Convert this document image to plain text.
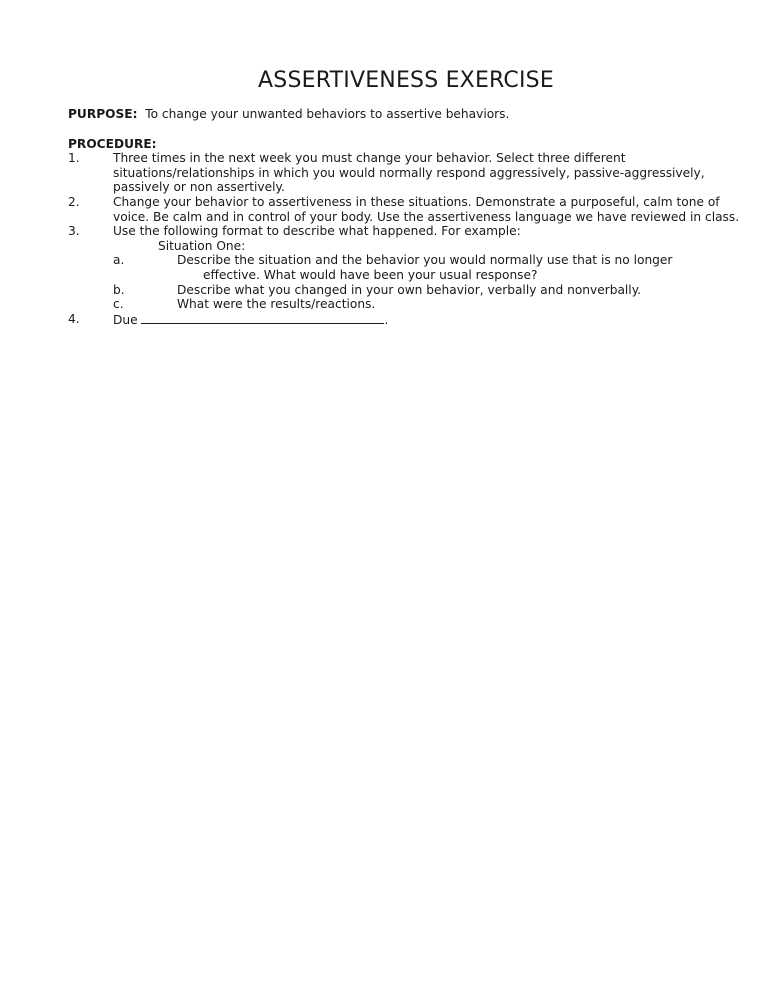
ASSERTIVENESS EXERCISE

PURPOSE: To change your unwanted behaviors to assertive behaviors.

PROCEDURE:

1.	Three times in the next week you must change your behavior. Select three different situations/relationships in which you would normally respond aggressively, passive-aggressively, passively or non assertively.
2.	Change your behavior to assertiveness in these situations. Demonstrate a purposeful, calm tone of voice. Be calm and in control of your body. Use the assertiveness language we have reviewed in class.
3.	Use the following format to describe what happened. For example:
Situation One:
a.	Describe the situation and the behavior you would normally use that is no longer
effective. What would have been your usual response?
b.	Describe what you changed in your own behavior, verbally and nonverbally.
c.	What were the results/reactions.
4.	Due	.
